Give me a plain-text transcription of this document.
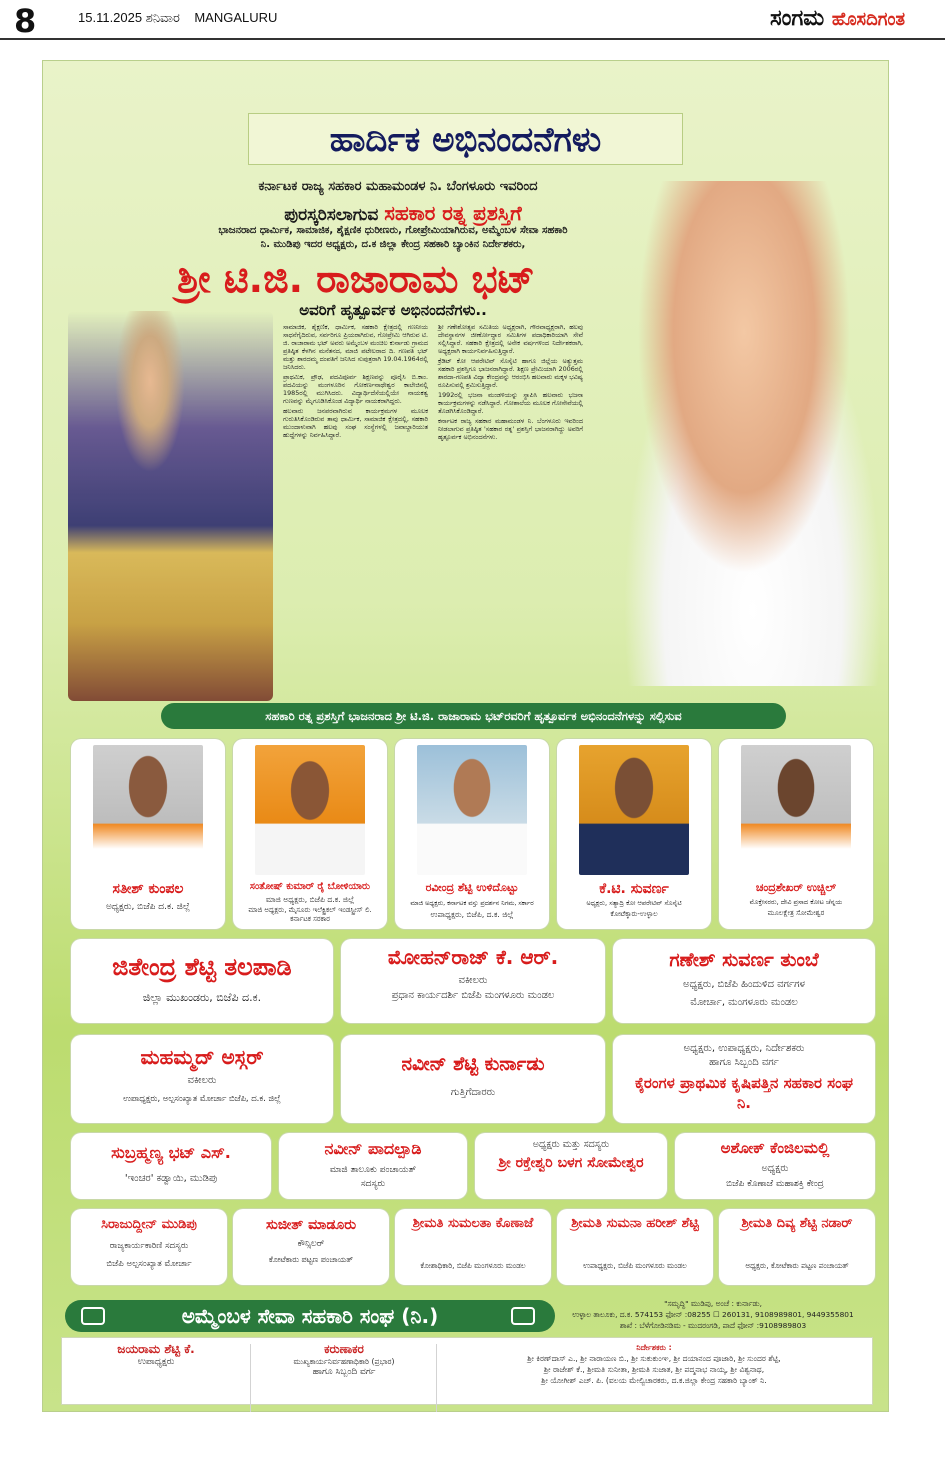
8	15.11.2025 ಶನಿವಾರ MANGALURU	ಸಂಗಮ ಹೊಸದಿಗಂತ
ಹಾರ್ದಿಕ ಅಭಿನಂದನೆಗಳು
ಕರ್ನಾಟಕ ರಾಜ್ಯ ಸಹಕಾರ ಮಹಾಮಂಡಳ ನಿ. ಬೆಂಗಳೂರು ಇವರಿಂದ
ಪುರಸ್ಕರಿಸಲಾಗುವ ಸಹಕಾರ ರತ್ನ ಪ್ರಶಸ್ತಿಗೆ
ಭಾಜನರಾದ ಧಾರ್ಮಿಕ, ಸಾಮಾಜಿಕ, ಶೈಕ್ಷಣಿಕ ಧುರೀಣರು, ಗೋಪ್ರೇಮಿಯಾಗಿರುವ, ಅಮ್ಮೆಂಬಳ ಸೇವಾ ಸಹಕಾರಿ
ನಿ. ಮುಡಿಪು ಇದರ ಅಧ್ಯಕ್ಷರು, ದ.ಕ ಜಿಲ್ಲಾ ಕೇಂದ್ರ ಸಹಕಾರಿ ಬ್ಯಾಂಕಿನ ನಿರ್ದೇಶಕರು,
ಶ್ರೀ ಟಿ.ಜಿ. ರಾಜಾರಾಮ ಭಟ್
ಅವರಿಗೆ ಹೃತ್ಪೂರ್ವಕ ಅಭಿನಂದನೆಗಳು..

ಸಾಮಾಜಿಕ, ಶೈಕ್ಷಣಿಕ, ಧಾರ್ಮಿಕ, ಸಹಕಾರಿ ಕ್ಷೇತ್ರದಲ್ಲಿ ಗಣನೀಯ ಸಾಧನೆಗೈದಿರುವ, ಸರ್ವರಿಗೂ ಪ್ರಿಯರಾಗಿರುವ, ಗೋಪ್ರೇಮಿ ಆಗಿರುವ ಟಿ. ಜಿ. ರಾಜಾರಾಮ ಭಟ್ ಅವರು ಅಮ್ಮೆಂಬಳ ಮಂಚಿಲ ಕುರ್ನಾಡು ಗ್ರಾಮದ ಪ್ರತಿಷ್ಠಿತ ಕೆಳಗಿನ ಮನೆತನದ, ಮಾಜಿ ಪಟೇಲರಾದ ದಿ. ಗಣಪತಿ ಭಟ್ ಮತ್ತು ಶಾರದಮ್ಮ ದಂಪತಿಗೆ ಜನಿಸಿದ ಸುಪುತ್ರರಾಗಿ 19.04.1964ರಲ್ಲಿ ಜನಿಸಿದರು.

ಪ್ರಾಥಮಿಕ, ಪ್ರೌಢ, ಪದವಿಪೂರ್ವ ಶಿಕ್ಷಣವನ್ನು ಪೂರೈಸಿ ಬಿ.ಕಾಂ. ಪದವಿಯನ್ನು ಮಂಗಳೂರಿನ ಗೋಕರ್ಣನಾಥೇಶ್ವರ ಕಾಲೇಜಿನಲ್ಲಿ 1985ರಲ್ಲಿ ಮುಗಿಸಿದರು. ವಿದ್ಯಾರ್ಥಿದೆಸೆಯಲ್ಲಿಯೇ ನಾಯಕತ್ವ ಗುಣವನ್ನು ಮೈಗೂಡಿಸಿಕೊಂಡ ವಿದ್ಯಾರ್ಥಿ ನಾಯಕರಾಗಿದ್ದರು.

ಹಲವಾರು ಜನಪರವಾಗಿರುವ ಕಾರ್ಯಕ್ರಮಗಳ ಮೂಲಕ ಗುರುತಿಸಿಕೊಂಡಿರುವ ತಾವು ಧಾರ್ಮಿಕ, ಸಾಮಾಜಿಕ ಕ್ಷೇತ್ರದಲ್ಲಿ, ಸಹಕಾರಿ ಮುಂದಾಳುವಾಗಿ ಹಲವು ಸಂಘ ಸಂಸ್ಥೆಗಳಲ್ಲಿ ಜವಾಬ್ದಾರಿಯುತ ಹುದ್ದೆಗಳನ್ನು ನಿರ್ವಹಿಸಿದ್ದಾರೆ.

ಶ್ರೀ ಗಣೇಶೋತ್ಸವ ಸಮಿತಿಯ ಅಧ್ಯಕ್ಷರಾಗಿ, ಗೌರವಾಧ್ಯಕ್ಷರಾಗಿ, ಹಲವು ದೇವಸ್ಥಾನಗಳ ಜೀರ್ಣೋದ್ಧಾರ ಸಮಿತಿಗಳ ಪದಾಧಿಕಾರಿಯಾಗಿ ಸೇವೆ ಸಲ್ಲಿಸಿದ್ದಾರೆ. ಸಹಕಾರಿ ಕ್ಷೇತ್ರದಲ್ಲಿ ಅನೇಕ ವರ್ಷಗಳಿಂದ ನಿರ್ದೇಶಕರಾಗಿ, ಅಧ್ಯಕ್ಷರಾಗಿ ಕಾರ್ಯನಿರ್ವಹಿಸುತ್ತಿದ್ದಾರೆ.

ಕ್ರೆಡಿಟ್ ಕೋ ಆಪರೇಟಿವ್ ಸೊಸೈಟಿ ಹಾಗೂ ಜಿಲ್ಲೆಯ ಅತ್ಯುತ್ತಮ ಸಹಕಾರಿ ಪ್ರಶಸ್ತಿಗೂ ಭಾಜನರಾಗಿದ್ದಾರೆ. ಶಿಕ್ಷಣ ಪ್ರೇಮಿಯಾಗಿ 2006ರಲ್ಲಿ ಶಾರದಾ-ಗಣಪತಿ ವಿದ್ಯಾ ಕೇಂದ್ರವನ್ನು ಆರಂಭಿಸಿ ಹಲವಾರು ಮಕ್ಕಳ ಭವಿಷ್ಯ ರೂಪಿಸುವಲ್ಲಿ ಶ್ರಮಿಸುತ್ತಿದ್ದಾರೆ.

1992ರಲ್ಲಿ ಭಜನಾ ಮಂಡಳಿಯನ್ನು ಸ್ಥಾಪಿಸಿ ಹಲವಾರು ಭಜನಾ ಕಾರ್ಯಕ್ರಮಗಳನ್ನು ನಡೆಸಿದ್ದಾರೆ. ಗೋಶಾಲೆಯ ಮೂಲಕ ಗೋಸೇವೆಯಲ್ಲಿ ತೊಡಗಿಸಿಕೊಂಡಿದ್ದಾರೆ.

ಕರ್ನಾಟಕ ರಾಜ್ಯ ಸಹಕಾರ ಮಹಾಮಂಡಳ ನಿ. ಬೆಂಗಳೂರು ಇವರಿಂದ ನೀಡಲಾಗುವ ಪ್ರತಿಷ್ಠಿತ 'ಸಹಕಾರ ರತ್ನ' ಪ್ರಶಸ್ತಿಗೆ ಭಾಜನರಾಗಿದ್ದು ಅವರಿಗೆ ಹೃತ್ಪೂರ್ವಕ ಅಭಿನಂದನೆಗಳು.

ಸಹಕಾರಿ ರತ್ನ ಪ್ರಶಸ್ತಿಗೆ ಭಾಜನರಾದ ಶ್ರೀ ಟಿ.ಜಿ. ರಾಜಾರಾಮ ಭಟ್‌ರವರಿಗೆ ಹೃತ್ಪೂರ್ವಕ ಅಭಿನಂದನೆಗಳನ್ನು ಸಲ್ಲಿಸುವ
ಸತೀಶ್ ಕುಂಪಲ
ಅಧ್ಯಕ್ಷರು, ಬಿಜೆಪಿ ದ.ಕ. ಜಿಲ್ಲೆ
ಸಂತೋಷ್ ಕುಮಾರ್ ರೈ ಬೋಳಿಯಾರು
ಮಾಜಿ ಅಧ್ಯಕ್ಷರು, ಬಿಜೆಪಿ ದ.ಕ. ಜಿಲ್ಲೆ
ಮಾಜಿ ಅಧ್ಯಕ್ಷರು, ಮೈಸೂರು ಇಲೆಕ್ಟ್ರಿಕಲ್ ಇಂಡಸ್ಟ್ರೀಸ್ ಲಿ. ಕರ್ನಾಟಕ ಸರಕಾರ
ರವೀಂದ್ರ ಶೆಟ್ಟಿ ಉಳಿದೊಟ್ಟು
ಮಾಜಿ ಅಧ್ಯಕ್ಷರು, ಕರ್ನಾಟಕ ವಸ್ತು ಪ್ರದರ್ಶನ ನಿಗಮ, ಸರ್ಕಾರ
ಉಪಾಧ್ಯಕ್ಷರು, ಬಿಜೆಪಿ, ದ.ಕ. ಜಿಲ್ಲೆ
ಕೆ.ಟಿ. ಸುವರ್ಣ
ಅಧ್ಯಕ್ಷರು, ಸತ್ಯಾದ್ರಿ ಕೋ ಆಪರೇಟಿವ್ ಸೊಸೈಟಿ
ಕೋಟೆಕ್ಕಾರು-ಉಳ್ಳಾಲ
ಚಂದ್ರಶೇಖರ್ ಉಚ್ಚಿಲ್
ಮೊಕ್ತೇಸರರು, ದೇವಿ ಪ್ರಸಾದ ಕೋಟ ಚೆನ್ನಯ
ಮೂಲಕ್ಷೇತ್ರ ಸೋಮೇಶ್ವರ
ಜಿತೇಂದ್ರ ಶೆಟ್ಟಿ ತಲಪಾಡಿ
ಜಿಲ್ಲಾ ಮುಖಂಡರು, ಬಿಜೆಪಿ ದ.ಕ.
ಮೋಹನ್‌ರಾಜ್ ಕೆ. ಆರ್.
ವಕೀಲರು
ಪ್ರಧಾನ ಕಾರ್ಯದರ್ಶಿ ಬಿಜೆಪಿ ಮಂಗಳೂರು ಮಂಡಲ
ಗಣೇಶ್ ಸುವರ್ಣ ತುಂಬೆ
ಅಧ್ಯಕ್ಷರು, ಬಿಜೆಪಿ ಹಿಂದುಳಿದ ವರ್ಗಗಳ
ಮೋರ್ಚಾ, ಮಂಗಳೂರು ಮಂಡಲ
ಮಹಮ್ಮದ್ ಅಸ್ಗರ್
ವಕೀಲರು
ಉಪಾಧ್ಯಕ್ಷರು, ಅಲ್ಪಸಂಖ್ಯಾತ ಮೋರ್ಚಾ ಬಿಜೆಪಿ, ದ.ಕ. ಜಿಲ್ಲೆ
ನವೀನ್ ಶೆಟ್ಟಿ ಕುರ್ನಾಡು
ಗುತ್ತಿಗೆದಾರರು
ಅಧ್ಯಕ್ಷರು, ಉಪಾಧ್ಯಕ್ಷರು, ನಿರ್ದೇಶಕರು
ಹಾಗೂ ಸಿಬ್ಬಂದಿ ವರ್ಗ
ಕೈರಂಗಳ ಪ್ರಾಥಮಿಕ ಕೃಷಿಪತ್ತಿನ ಸಹಕಾರ ಸಂಘ ನಿ.
ಸುಬ್ರಹ್ಮಣ್ಯ ಭಟ್ ಎಸ್.
'ಇಂಚರ' ಕಡ್ವಾಯಿ, ಮುಡಿಪು
ನವೀನ್ ಪಾದಲ್ಪಾಡಿ
ಮಾಜಿ ತಾಲೂಕು ಪಂಚಾಯತ್
ಸದಸ್ಯರು
ಅಧ್ಯಕ್ಷರು ಮತ್ತು ಸದಸ್ಯರು
ಶ್ರೀ ರಕ್ತೇಶ್ವರಿ ಬಳಗ ಸೋಮೇಶ್ವರ
ಅಶೋಕ್ ಕೆಂಜಿಲಮಲ್ಲಿ
ಅಧ್ಯಕ್ಷರು
ಬಿಜೆಪಿ ಕೊಣಾಜೆ ಮಹಾಶಕ್ತಿ ಕೇಂದ್ರ
ಸಿರಾಜುದ್ದೀನ್ ಮುಡಿಪು
ರಾಜ್ಯಕಾರ್ಯಕಾರಿಣಿ ಸದಸ್ಯರು
ಬಿಜೆಪಿ ಅಲ್ಪಸಂಖ್ಯಾತ ಮೋರ್ಚಾ
ಸುಜೀತ್ ಮಾಡೂರು
ಕೌನ್ಸಿಲರ್
ಕೋಟೆಕಾರು ಪಟ್ಟಣ ಪಂಚಾಯತ್
ಶ್ರೀಮತಿ ಸುಮಲತಾ ಕೊಣಾಜೆ
ಕೋಶಾಧಿಕಾರಿ, ಬಿಜೆಪಿ ಮಂಗಳೂರು ಮಂಡಲ
ಶ್ರೀಮತಿ ಸುಮನಾ ಹರೀಶ್ ಶೆಟ್ಟಿ
ಉಪಾಧ್ಯಕ್ಷರು, ಬಿಜೆಪಿ ಮಂಗಳೂರು ಮಂಡಲ
ಶ್ರೀಮತಿ ದಿವ್ಯ ಶೆಟ್ಟಿ ನಡಾರ್
ಅಧ್ಯಕ್ಷರು, ಕೋಟೆಕಾರು ಪಟ್ಟಣ ಪಂಚಾಯತ್
ಅಮ್ಮೆಂಬಳ ಸೇವಾ ಸಹಕಾರಿ ಸಂಘ (ನಿ.)
"ಸಮೃದ್ಧಿ" ಮುಡಿಪು, ಅಂಚೆ : ಕುರ್ನಾಡು,
ಉಳ್ಳಾಲ ತಾಲೂಕು, ದ.ಕ. 574153 ಫೋನ್ :08255 ☐ 260131, 9108989801, 9449355801
ಶಾಖೆ : ಬೆಳೆಗೋಡಿನಡಿಮ - ಮುದರಂಗಡಿ, ಪಾದೆ ಫೋನ್ :9108989803
ಜಯರಾಮ ಶೆಟ್ಟಿ ಕೆ.
ಉಪಾಧ್ಯಕ್ಷರು
ಕರುಣಾಕರ
ಮುಖ್ಯಕಾರ್ಯನಿರ್ವಹಣಾಧಿಕಾರಿ (ಪ್ರಭಾರ)
ಹಾಗೂ ಸಿಬ್ಬಂದಿ ವರ್ಗ
ನಿರ್ದೇಶಕರು :
ಶ್ರೀ ಕಿರಣ್‌ದಾಸ್ ಎ., ಶ್ರೀ ನಾರಾಯಣ ಬಿ., ಶ್ರೀ ಸುಕುಕುಂಞ, ಶ್ರೀ ದಯಾನಂದ ಪೂಜಾರಿ, ಶ್ರೀ ಸುಂದರ ಶೆಟ್ಟಿ,
ಶ್ರೀ ರಾಜೇಶ್ ಕೆ., ಶ್ರೀಮತಿ ಸುನೀತಾ, ಶ್ರೀಮತಿ ಸುಜಾತ, ಶ್ರೀ ಪದ್ಮನಾಭ ನಾಯ್ಕ, ಶ್ರೀ ವಿಶ್ವನಾಥ,
ಶ್ರೀ ಯೋಗೀಶ್ ಎಚ್. ಪಿ. (ವಲಯ ಮೇಲ್ವಿಚಾರಕರು, ದ.ಕ.ಜಿಲ್ಲಾ ಕೇಂದ್ರ ಸಹಕಾರಿ ಬ್ಯಾಂಕ್ ನಿ.
